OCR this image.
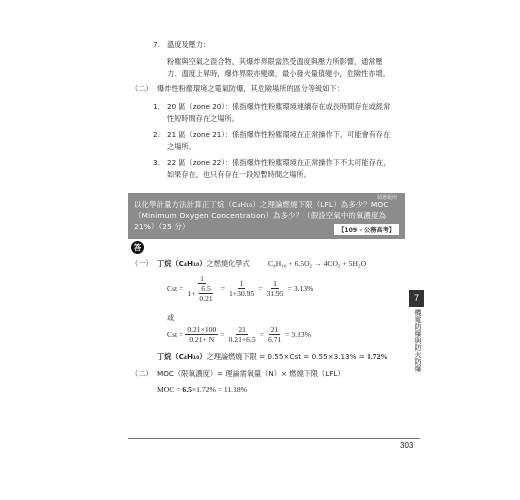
7. 溫度及壓力：
粉塵與空氣之混合物，其爆炸界限當然受溫度與壓力所影響，通常壓
力、溫度上昇時，爆炸界限亦變廣，最小發火量值變小，危險性亦增。
（二） 爆炸性粉塵環境之電氣防爆，其危險場所的區分等級如下：
1. 20 區（zone 20）：係指爆炸性粉塵環境連續存在或長時間存在或經常
性短時間存在之場所。
2. 21 區（zone 21）：係指爆炸性粉塵環境在正常操作下，可能會有存在
之場所。
3. 22 區（zone 22）：係指爆炸性粉塵環境在正常操作下不太可能存在，
如果存在，也只有存在一段短暫時間之場所。
精選範例
以化學計量方法計算正丁烷（C₄H₁₀）之理論燃燒下限（LFL）為多少？MOC（Minimum Oxygen Concentration）為多少？（假設空氣中的氧濃度為 21%）（25 分）	【109 - 公務高考】
答
（一） 丁烷（C₄H₁₀）之燃燒化學式 C₄H₁₀ + 6.5O₂ → 4CO₂ + 5H₂O
Cst = $\frac{1}{1+ \frac{6.5}{0.21}} = \frac{1}{1+30.95} = \frac{1}{31.95} = 3.13\%$
或
Cst = $\frac{0.21\times 100}{0.21+ N} = \frac{21}{0.21+6.5} = \frac{21}{6.71} = 3.13\%$
丁烷（C₄H₁₀）之理論燃燒下限 = 0.55×Cst = 0.55×3.13% = 1.72%
（二） MOC（限氧濃度）= 理論需氧量（N）× 燃燒下限（LFL）
MOC = 6.5×1.72% = 11.18%
7
機電防爆與防火防爆
303
